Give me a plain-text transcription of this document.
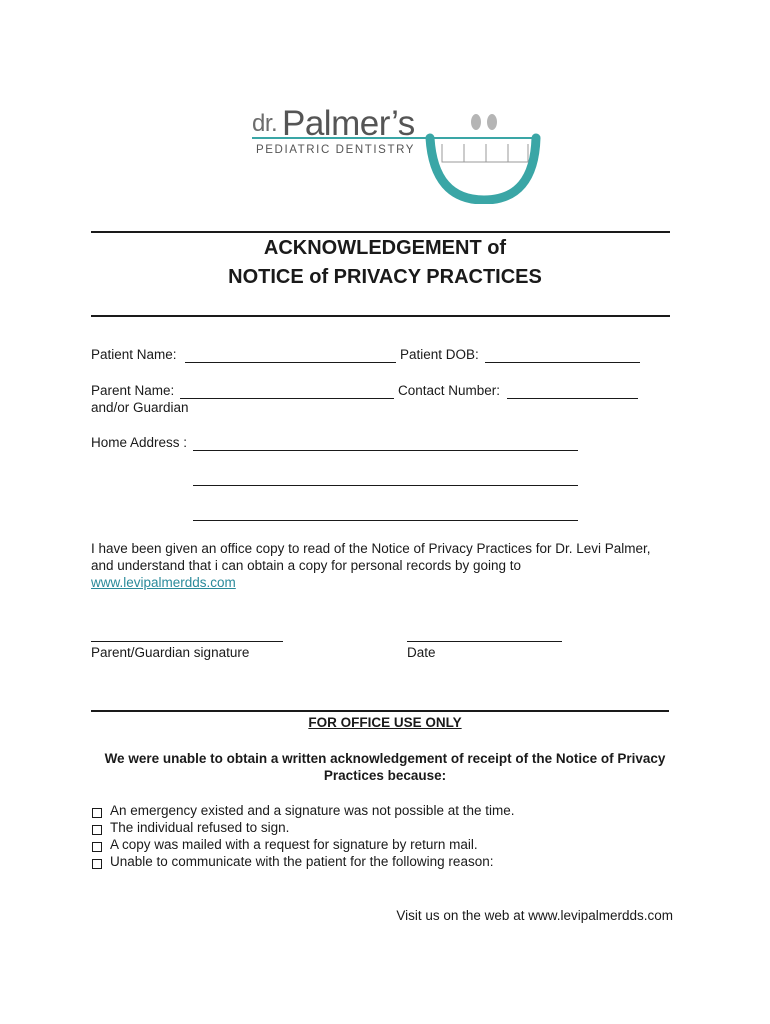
dr. Palmer’s
PEDIATRIC DENTISTRY
ACKNOWLEDGEMENT of
NOTICE of PRIVACY PRACTICES
Patient Name:	Patient DOB:
Parent Name:	Contact Number:
and/or Guardian
Home Address :
I have been given an office copy to read of the Notice of Privacy Practices for Dr. Levi Palmer,
and understand that i can obtain a copy for personal records by going to
www.levipalmerdds.com
Parent/Guardian signature	Date
FOR OFFICE USE ONLY
We were unable to obtain a written acknowledgement of receipt of the Notice of Privacy
Practices because:
An emergency existed and a signature was not possible at the time.
The individual refused to sign.
A copy was mailed with a request for signature by return mail.
Unable to communicate with the patient for the following reason:
Visit us on the web at www.levipalmerdds.com
